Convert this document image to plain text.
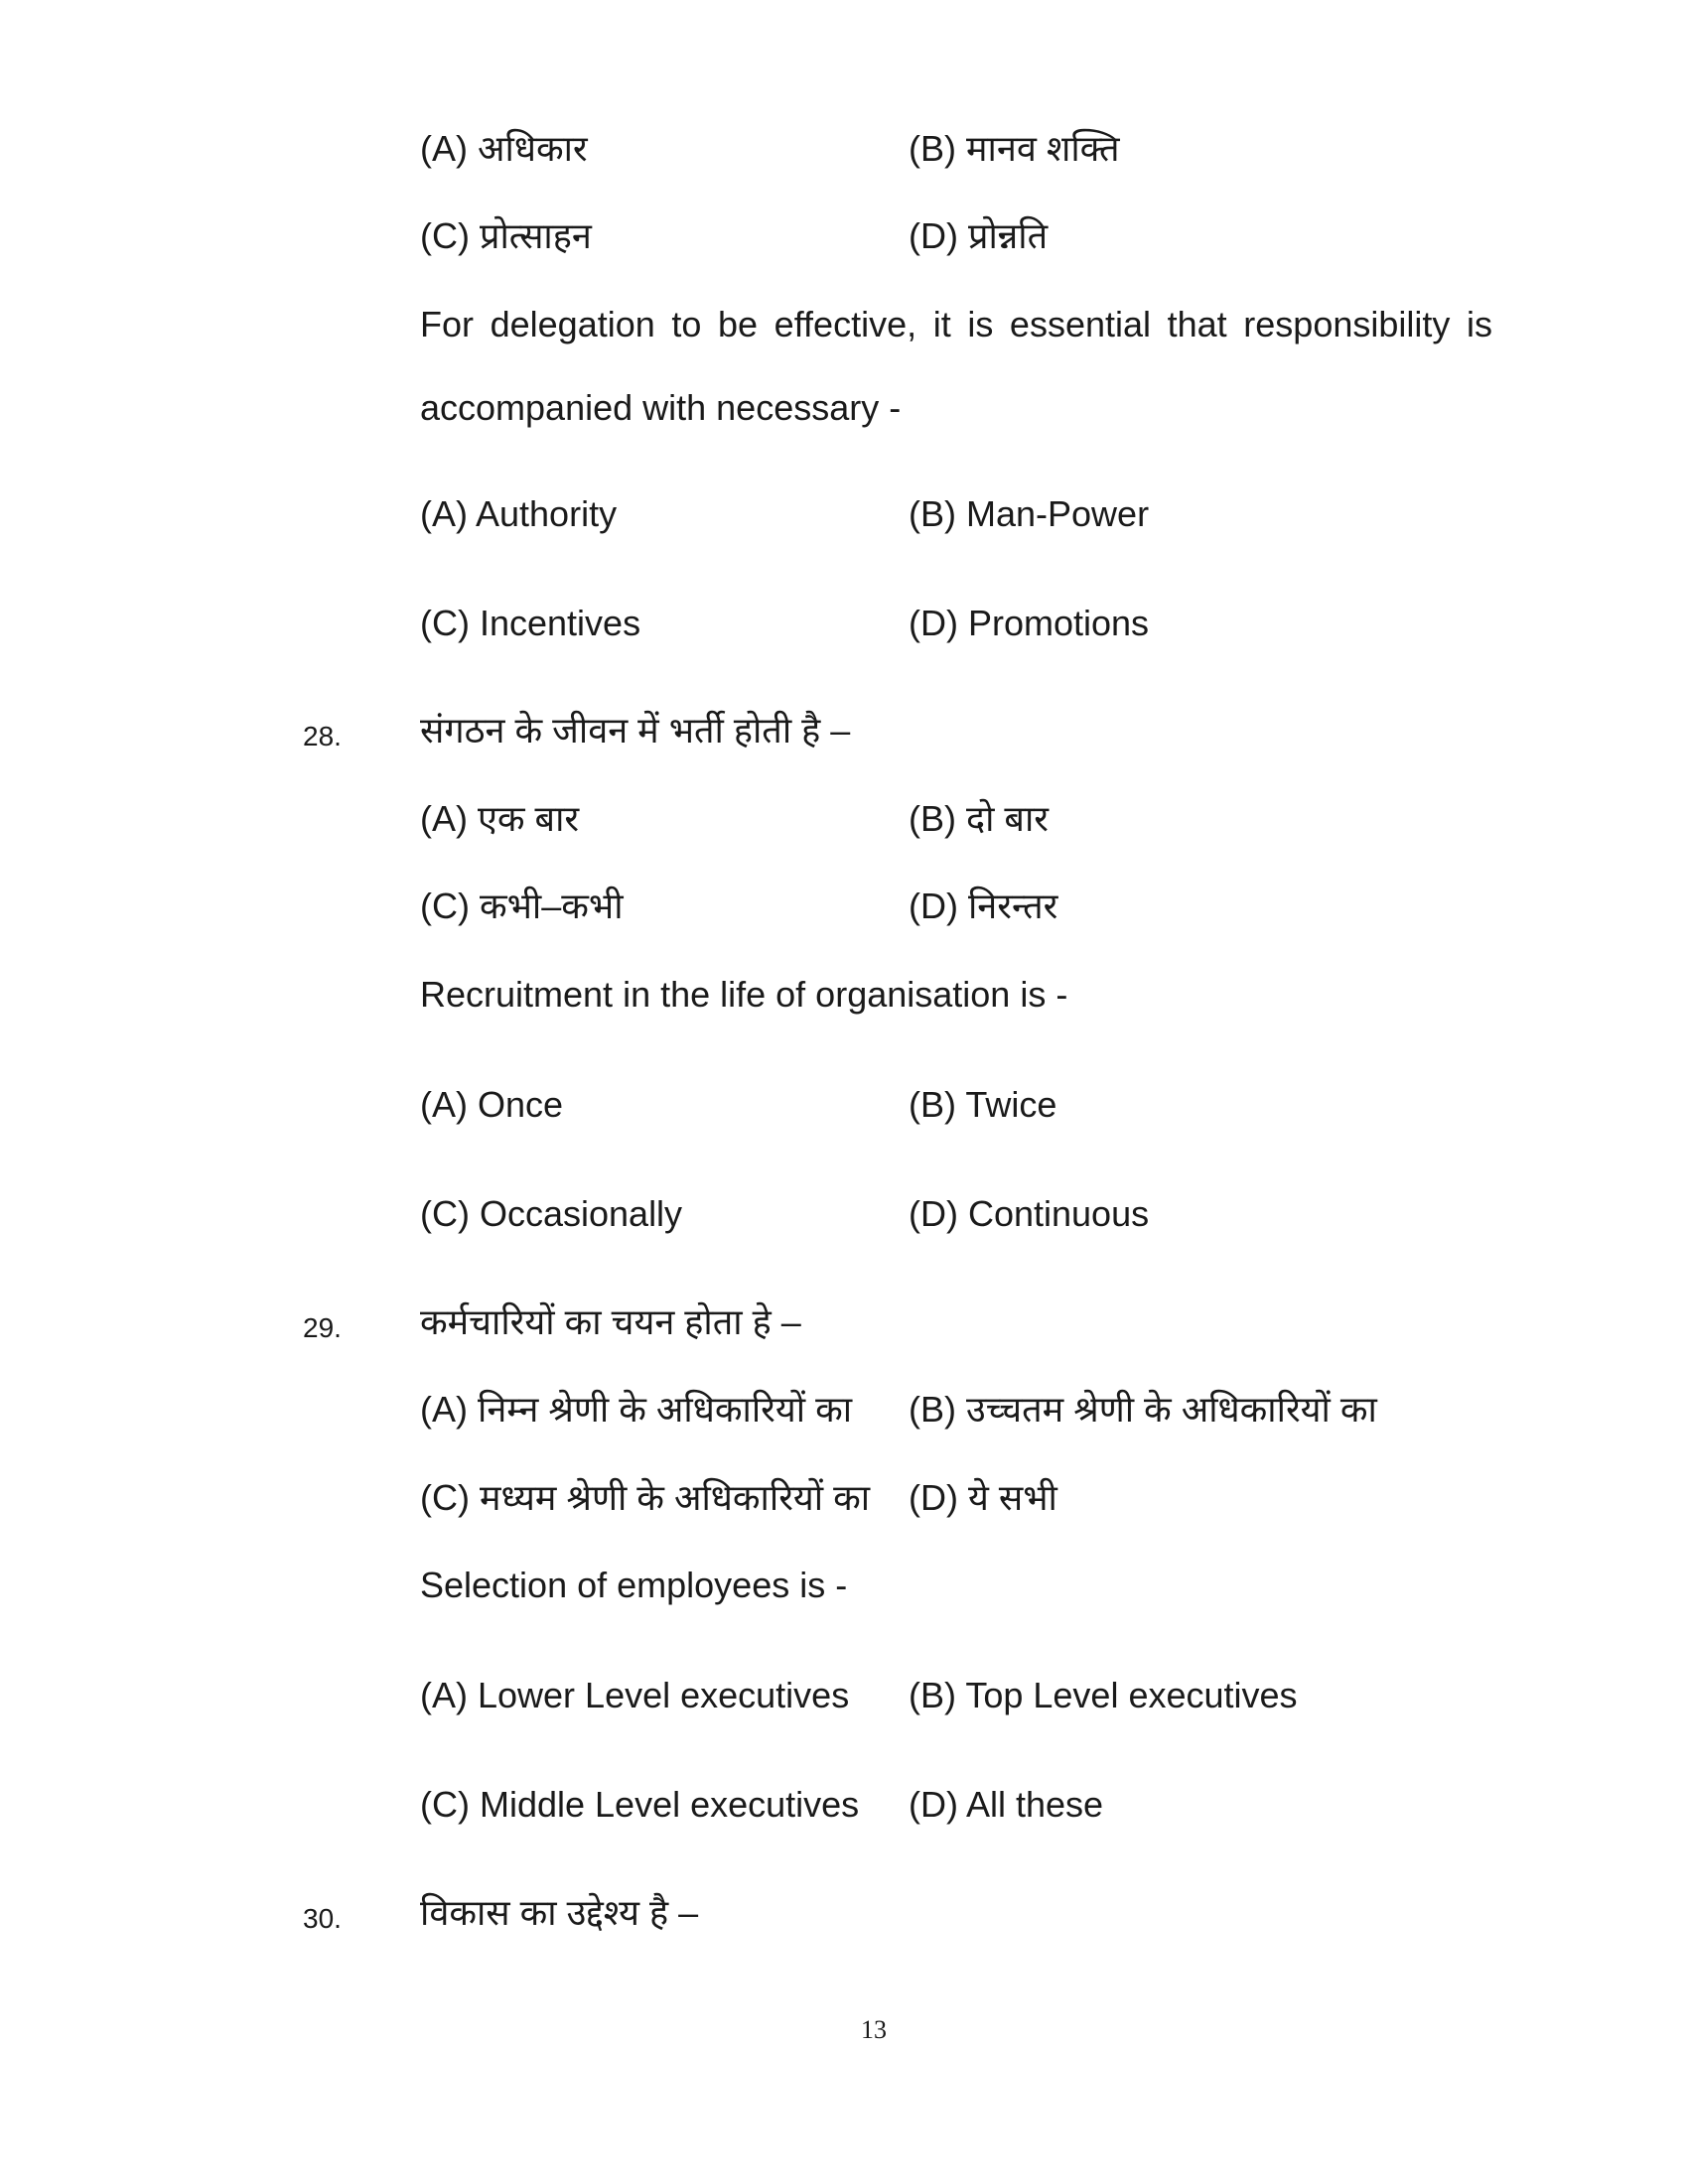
(A) अधिकार	(B) मानव शक्ति
(C) प्रोत्साहन	(D) प्रोन्नति
For delegation to be effective, it is essential that responsibility is accompanied with necessary -
(A) Authority	(B) Man-Power
(C) Incentives	(D) Promotions
28. संगठन के जीवन में भर्ती होती है –
(A) एक बार	(B) दो बार
(C) कभी–कभी	(D) निरन्तर
Recruitment in the life of organisation is -
(A) Once	(B) Twice
(C) Occasionally	(D) Continuous
29. कर्मचारियों का चयन होता हे –
(A) निम्न श्रेणी के अधिकारियों का (B) उच्चतम श्रेणी के अधिकारियों का
(C) मध्यम श्रेणी के अधिकारियों का (D) ये सभी
Selection of employees is -
(A) Lower Level executives (B) Top Level executives
(C) Middle Level executives (D) All these
30. विकास का उद्देश्य है –
13
